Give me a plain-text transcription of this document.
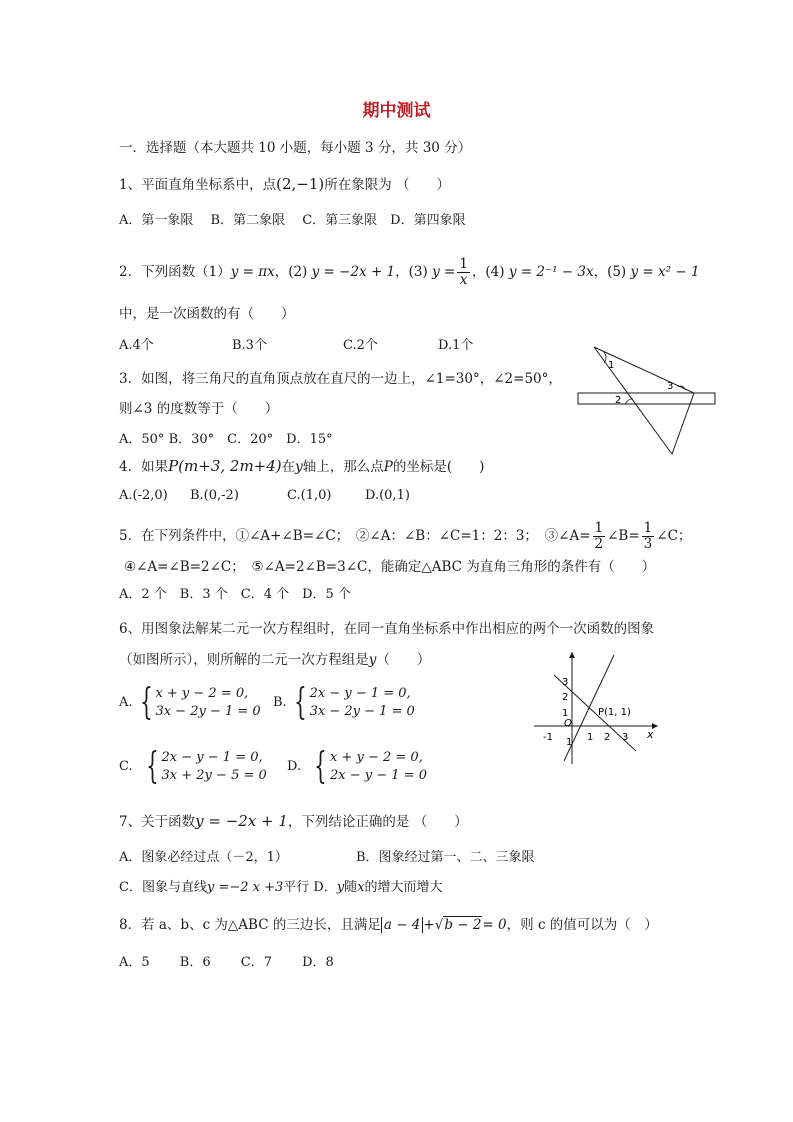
期中测试
一．选择题（本大题共 10 小题，每小题 3 分，共 30 分）
1、平面直角坐标系中，点(2,−1)所在象限为 （　　）
A．第一象限　 B．第二象限　 C．第三象限　D．第四象限
2．下列函数（1）y = πx，(2) y = −2x + 1，(3) $y = \frac{1}{x}$ ，(4) y = 2⁻¹ − 3x，(5) y = x² − 1
中，是一次函数的有（　　）
A.4个	B.3个	C.2个	D.1个
1
3
2
3．如图，将三角尺的直角顶点放在直尺的一边上，∠1=30°，∠2=50°，
则∠3 的度数等于（　　）
A．50° B．30°　C．20°　D．15°
4．如果P(m+3, 2m+4)在y轴上，那么点P的坐标是(　　)
A.(-2,0) B.(0,-2)	C.(1,0)	D.(0,1)
5．在下列条件中，①∠A+∠B=∠C；　②∠A：∠B：∠C=1：2：3；　③∠A= $\frac{1}{2}$ ∠B= $\frac{1}{3}$ ∠C；
④∠A=∠B=2∠C；　⑤∠A=2∠B=3∠C，能确定△ABC 为直角三角形的条件有（　　）
A．2 个　B．3 个　C．4 个　D．5 个
6、用图象法解某二元一次方程组时，在同一直角坐标系中作出相应的两个一次函数的图象
（如图所示），则所解的二元一次方程组是y（　　）
A. { x + y − 2 = 0,
3x − 2y − 1 = 0
B. { 2x − y − 1 = 0,
3x − 2y − 1 = 0
C. { 2x − y − 1 = 0,
3x + 2y − 5 = 0
D. { x + y − 2 = 0,
2x − y − 1 = 0
3
2
1
O
-1 1 1 2 3 x
P(1, 1)
7、关于函数y = −2x + 1，下列结论正确的是 （　　）
A．图象必经过点（－2，1）	B．图象经过第一、二、三象限
C．图象与直线y =−2 x +3平行 D．y随x的增大而增大
8．若 a、b、c 为△ABC 的三边长，且满足 a − 4 +√b − 2= 0，则 c 的值可以为（　）
A．5　　 B．6　　 C．7　　 D．8
